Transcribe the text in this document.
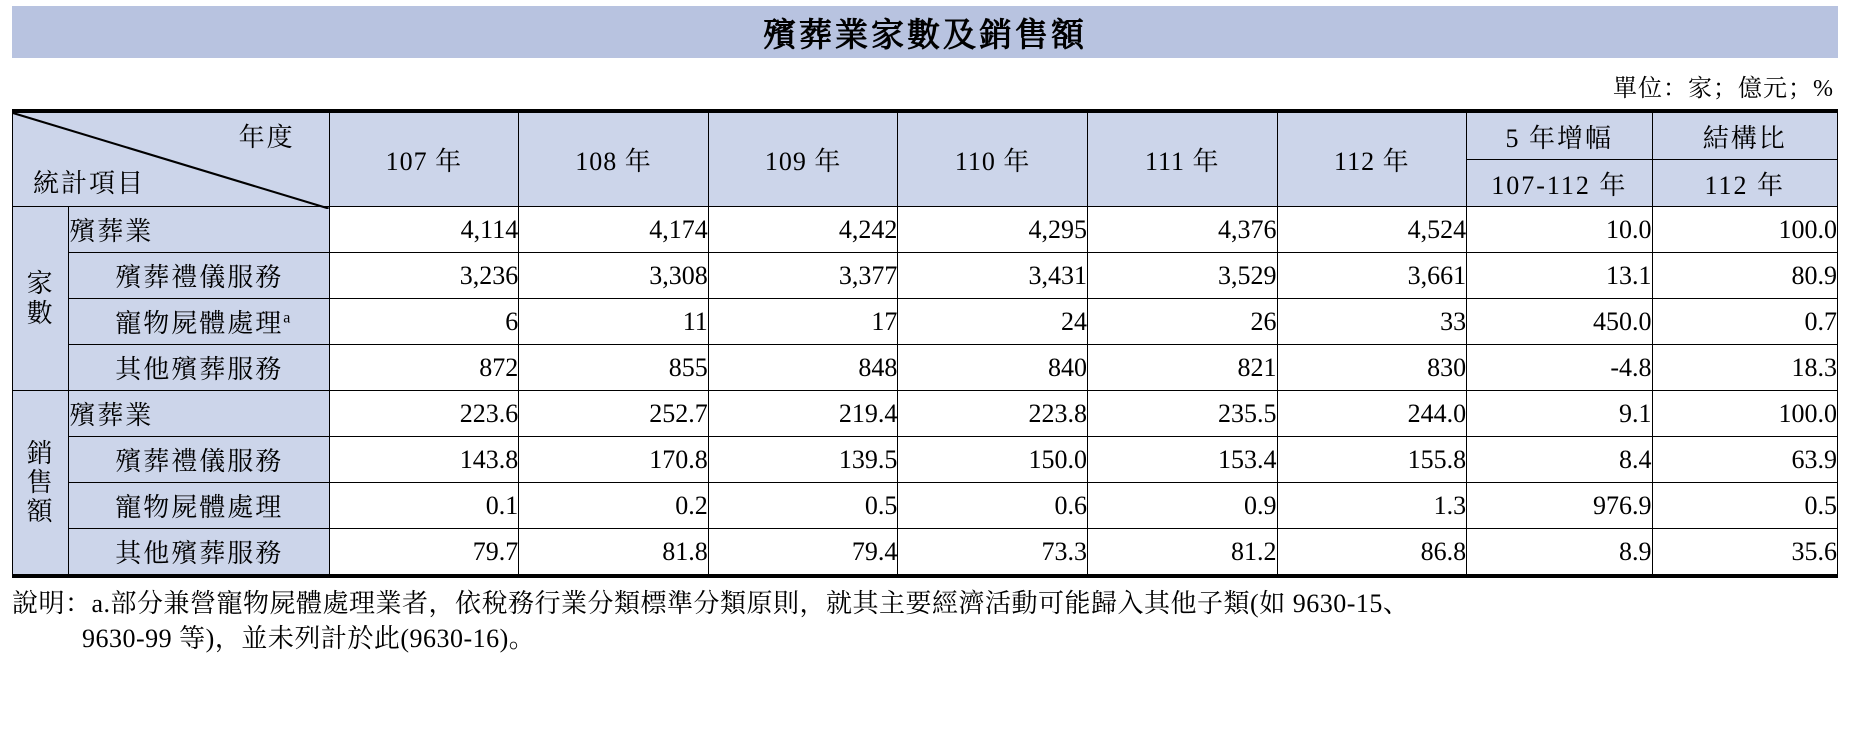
殯葬業家數及銷售額
單位：家；億元；%
年度
統計項目		107 年	108 年	109 年	110 年	111 年	112 年	5 年增幅	結構比
								107-112 年	112 年
家數	殯葬業	4,114	4,174	4,242	4,295	4,376	4,524	10.0	100.0
	殯葬禮儀服務	3,236	3,308	3,377	3,431	3,529	3,661	13.1	80.9
	寵物屍體處理$^a$	6	11	17	24	26	33	450.0	0.7
	其他殯葬服務	872	855	848	840	821	830	-4.8	18.3
銷售額	殯葬業	223.6	252.7	219.4	223.8	235.5	244.0	9.1	100.0
	殯葬禮儀服務	143.8	170.8	139.5	150.0	153.4	155.8	8.4	63.9
	寵物屍體處理	0.1	0.2	0.5	0.6	0.9	1.3	976.9	0.5
	其他殯葬服務	79.7	81.8	79.4	73.3	81.2	86.8	8.9	35.6
說明：a.部分兼營寵物屍體處理業者，依稅務行業分類標準分類原則，就其主要經濟活動可能歸入其他子類(如 9630-15、
9630-99 等)，並未列計於此(9630-16)。
